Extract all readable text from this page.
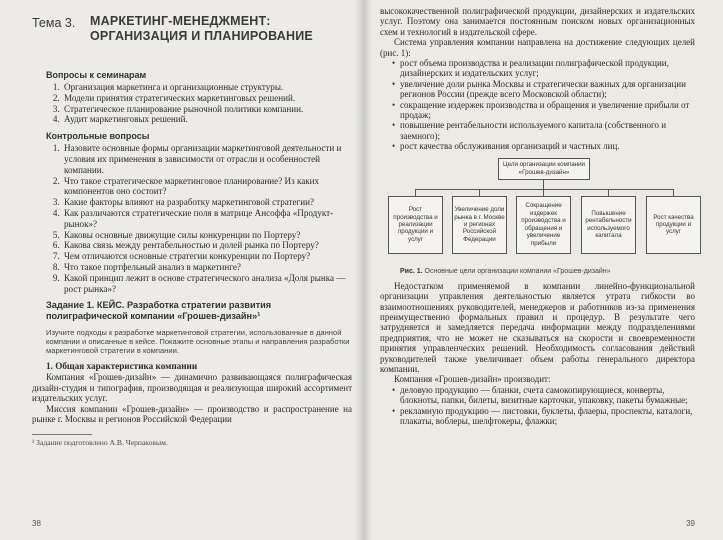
Тема 3.	МАРКЕТИНГ-МЕНЕДЖМЕНТ:
ОРГАНИЗАЦИЯ И ПЛАНИРОВАНИЕ
Вопросы к семинарам
1. Организация маркетинга и организационные структуры.
2. Модели принятия стратегических маркетинговых решений.
3. Стратегическое планирование рыночной политики компании.
4. Аудит маркетинговых решений.
Контрольные вопросы
1. Назовите основные формы организации маркетинговой деятельности и условия их применения в зависимости от отрасли и особенностей компании.
2. Что такое стратегическое маркетинговое планирование? Из каких компонентов оно состоит?
3. Какие факторы влияют на разработку маркетинговой стратегии?
4. Как различаются стратегические поля в матрице Ансоффа «Продукт-рынок»?
5. Каковы основные движущие силы конкуренции по Портеру?
6. Какова связь между рентабельностью и долей рынка по Портеру?
7. Чем отличаются основные стратегии конкуренции по Портеру?
8. Что такое портфельный анализ в маркетинге?
9. Какой принцип лежит в основе стратегического анализа «Доля рынка — рост рынка»?
Задание 1. КЕЙС. Разработка стратегии развития полиграфической компании «Грошев-дизайн»¹
Изучите подходы к разработке маркетинговой стратегии, использованные в данной компании и описанные в кейсе. Покажите основные этапы и направления разработки маркетинговой стратегии в компании.
1. Общая характеристика компании

Компания «Грошев-дизайн» — динамично развивающаяся полиграфическая дизайн-студия и типография, производящая и реализующая широкий ассортимент издательских услуг.

Миссия компании «Грошев-дизайн» — производство и распространение на рынке г. Москвы и регионов Российской Федерации

¹ Задание подготовлено А.В. Черпаковым.
38

высококачественной полиграфической продукции, дизайнерских и издательских услуг. Поэтому она занимается постоянным поиском новых организационных схем и технологий в издательской сфере.

Система управления компании направлена на достижение следующих целей (рис. 1):

• рост объема производства и реализации полиграфической продукции, дизайнерских и издательских услуг;
• увеличение доли рынка Москвы и стратегически важных для организации регионов России (прежде всего Московской области);
• сокращение издержек производства и обращения и увеличение прибыли от продаж;
• повышение рентабельности используемого капитала (собственного и заемного);
• рост качества обслуживания организаций и частных лиц.
Цели организации компании «Грошев-дизайн»
Рост производства и реализации продукции и услуг
Увеличение доли рынка в г. Москве и регионах Российской Федерации
Сокращение издержек производства и обращения и увеличение прибыли
Повышение рентабельности используемого капитала
Рост качества продукции и услуг
Рис. 1. Основные цели организации компании «Грошев-дизайн»

Недостатком применяемой в компании линейно-функциональной организации управления деятельностью является утрата гибкости во взаимоотношениях руководителей, менеджеров и работников из-за применения преимущественно формальных правил и процедур. В результате чего затрудняется и замедляется передача информации между подразделениями предприятия, что не может не сказываться на скорости и своевременности принятия управленческих решений. Необходимость согласования действий руководителей также увеличивает объем работы генерального директора компании.

Компания «Грошев-дизайн» производит:

• деловую продукцию — бланки, счета самокопирующиеся, конверты, блокноты, папки, билеты, визитные карточки, упаковку, пакеты бумажные;
• рекламную продукцию — листовки, буклеты, флаеры, проспекты, каталоги, плакаты, воблеры, шелфтокеры, флажки;
39
